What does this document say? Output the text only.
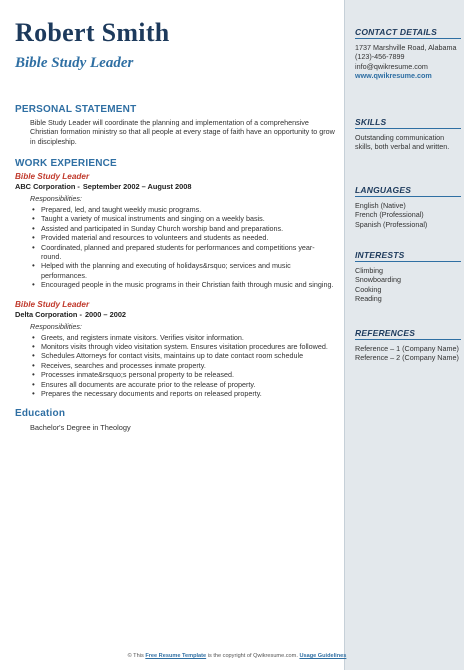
Robert Smith
Bible Study Leader
PERSONAL STATEMENT
Bible Study Leader will coordinate the planning and implementation of a comprehensive Christian formation ministry so that all people at every stage of faith have an opportunity to grow in discipleship.
WORK EXPERIENCE
Bible Study Leader
ABC Corporation - September 2002 – August 2008
Responsibilities:
• Prepared, led, and taught weekly music programs.
• Taught a variety of musical instruments and singing on a weekly basis.
• Assisted and participated in Sunday Church worship band and preparations.
• Provided material and resources to volunteers and students as needed.
• Coordinated, planned and prepared students for performances and competitions year-round.
• Helped with the planning and executing of holidays&rsquo; services and music performances.
• Encouraged people in the music programs in their Christian faith through music and singing.
Bible Study Leader
Delta Corporation - 2000 – 2002
Responsibilities:
• Greets, and registers inmate visitors. Verifies visitor information.
• Monitors visits through video visitation system. Ensures visitation procedures are followed.
• Schedules Attorneys for contact visits, maintains up to date contact room schedule
• Receives, searches and processes inmate property.
• Processes inmate&rsquo;s personal property to be released.
• Ensures all documents are accurate prior to the release of property.
• Prepares the necessary documents and reports on released property.
Education
Bachelor's Degree in Theology
CONTACT DETAILS
1737 Marshville Road, Alabama
(123)-456-7899
info@qwikresume.com
www.qwikresume.com
SKILLS
Outstanding communication skills, both verbal and written.
LANGUAGES
English (Native)
French (Professional)
Spanish (Professional)
INTERESTS
Climbing
Snowboarding
Cooking
Reading
REFERENCES
Reference – 1 (Company Name)
Reference – 2 (Company Name)
© This Free Resume Template is the copyright of Qwikresume.com. Usage Guidelines
